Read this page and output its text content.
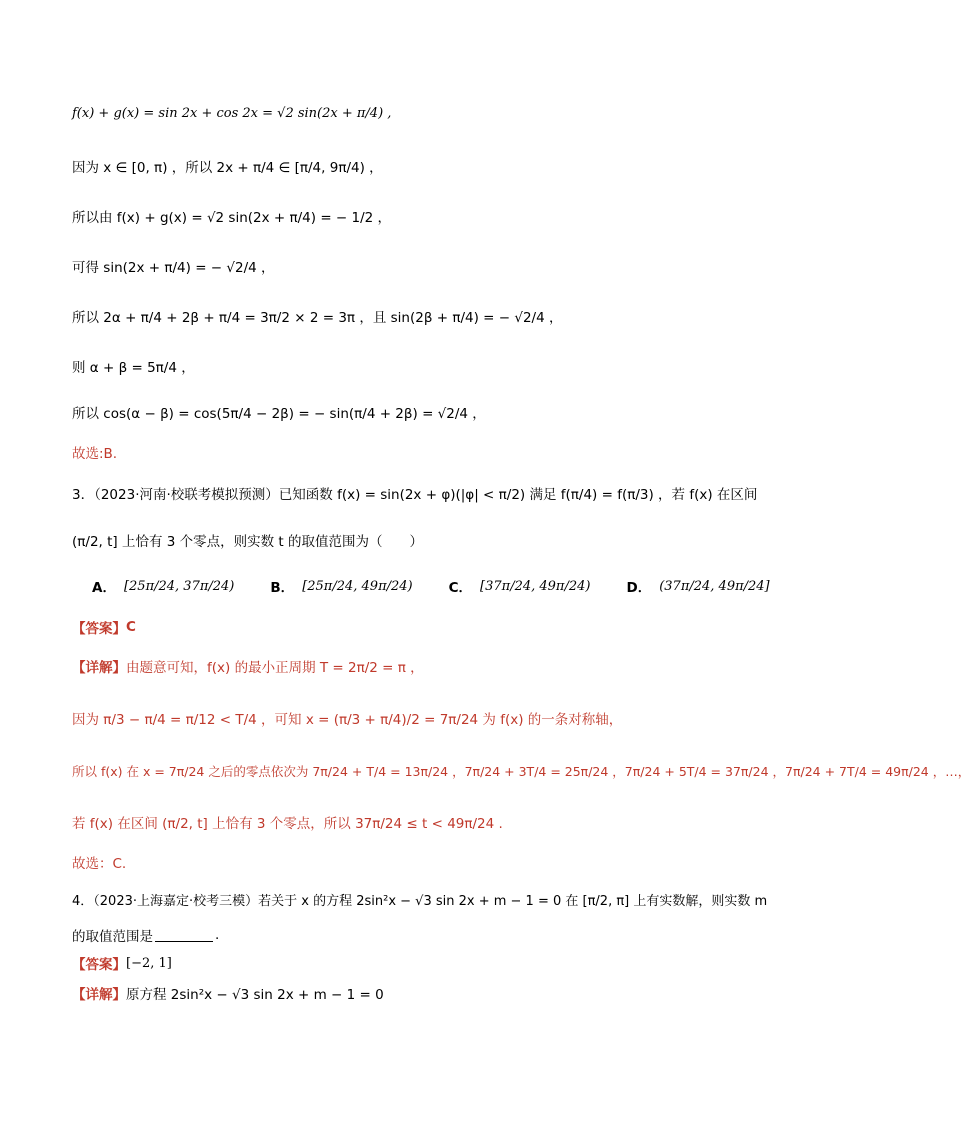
f(x) + g(x) = sin 2x + cos 2x = √2 sin(2x + π/4) ,
因为 x ∈ [0, π) ，所以 2x + π/4 ∈ [π/4, 9π/4) ，
所以由 f(x) + g(x) = √2 sin(2x + π/4) = − 1/2 ，
可得 sin(2x + π/4) = − √2/4 ，
所以 2α + π/4 + 2β + π/4 = 3π/2 × 2 = 3π ，且 sin(2β + π/4) = − √2/4 ，
则 α + β = 5π/4 ，
所以 cos(α − β) = cos(5π/4 − 2β) = − sin(π/4 + 2β) = √2/4 ，
故选:B.
3．（2023·河南·校联考模拟预测）已知函数 f(x) = sin(2x + φ)(|φ| < π/2) 满足 f(π/4) = f(π/3) ，若 f(x) 在区间
(π/2, t] 上恰有 3 个零点，则实数 t 的取值范围为（　　）
A． [25π/24, 37π/24)	B． [25π/24, 49π/24)	C． [37π/24, 49π/24)	D． (37π/24, 49π/24]
【答案】 C
【详解】 由题意可知，f(x) 的最小正周期 T = 2π/2 = π ，
因为 π/3 − π/4 = π/12 < T/4 ，可知 x = (π/3 + π/4)/2 = 7π/24 为 f(x) 的一条对称轴，
所以 f(x) 在 x = 7π/24 之后的零点依次为 7π/24 + T/4 = 13π/24 ，7π/24 + 3T/4 = 25π/24 ，7π/24 + 5T/4 = 37π/24 ，7π/24 + 7T/4 = 49π/24 ，…，
若 f(x) 在区间 (π/2, t] 上恰有 3 个零点，所以 37π/24 ≤ t < 49π/24 .
故选：C.
4．（2023·上海嘉定·校考三模）若关于 x 的方程 2sin²x − √3 sin 2x + m − 1 = 0 在 [π/2, π] 上有实数解，则实数 m
的取值范围是	.
【答案】 [−2, 1]
【详解】 原方程 2sin²x − √3 sin 2x + m − 1 = 0
